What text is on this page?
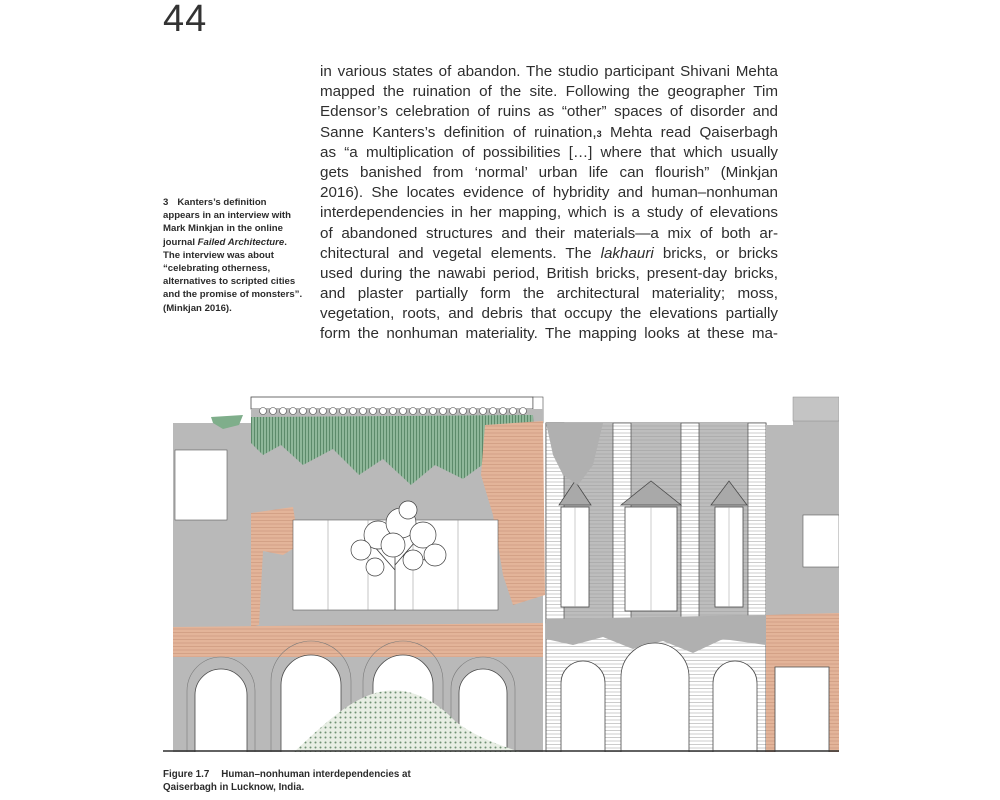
44
in various states of abandon. The studio participant Shivani Mehta
mapped the ruination of the site. Following the geographer Tim
Edensor’s celebration of ruins as “other” spaces of disorder and
Sanne Kanters’s definition of ruination,$^3$ Mehta read Qaiserbagh
as “a multiplication of possibilities […] where that which usually
gets banished from ‘normal’ urban life can flourish” (Minkjan
2016). She locates evidence of hybridity and human–nonhuman
interdependencies in her mapping, which is a study of elevations
of abandoned structures and their materials—a mix of both ar-
chitectural and vegetal elements. The lakhauri bricks, or bricks
used during the nawabi period, British bricks, present-day bricks,
and plaster partially form the architectural materiality; moss,
vegetation, roots, and debris that occupy the elevations partially
form the nonhuman materiality. The mapping looks at these ma-
3 Kanters’s definition appears in an interview with Mark Minkjan in the online journal Failed Architecture. The interview was about “celebrating otherness, alternatives to scripted cities and the promise of monsters”. (Minkjan 2016).
Figure 1.7 Human–nonhuman interdependencies at Qaiserbagh in Lucknow, India.
